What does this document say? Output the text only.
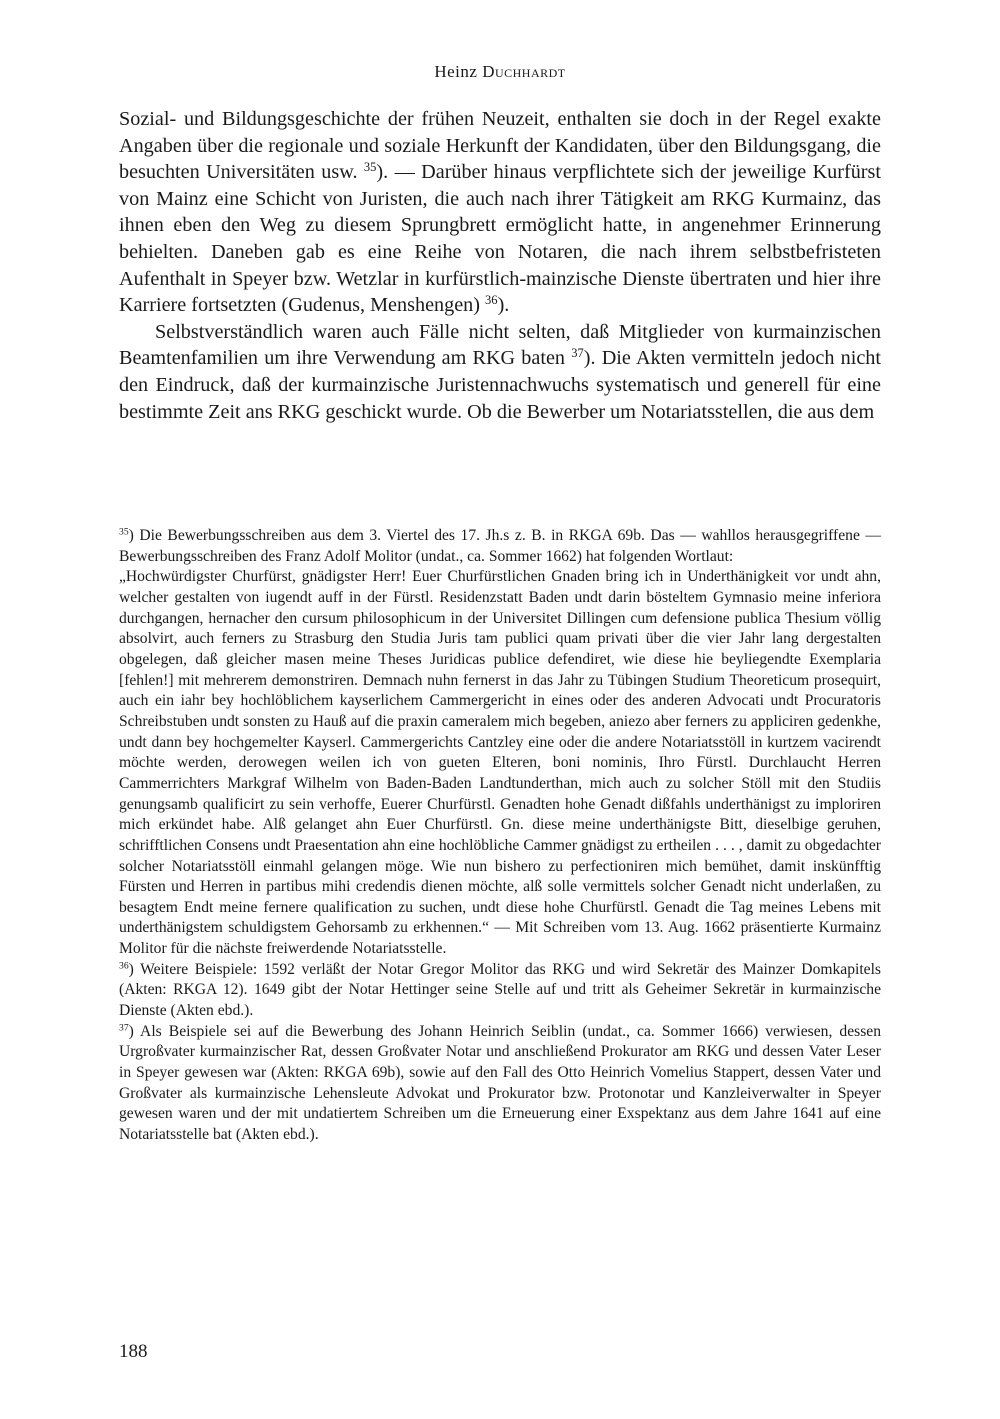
Heinz Duchhardt

Sozial- und Bildungsgeschichte der frühen Neuzeit, enthalten sie doch in der Regel exakte Angaben über die regionale und soziale Herkunft der Kandidaten, über den Bildungsgang, die besuchten Universitäten usw. $^{35}$). — Darüber hinaus verpflichtete sich der jeweilige Kurfürst von Mainz eine Schicht von Juristen, die auch nach ihrer Tätigkeit am RKG Kurmainz, das ihnen eben den Weg zu diesem Sprungbrett ermöglicht hatte, in angenehmer Erinnerung behielten. Daneben gab es eine Reihe von Notaren, die nach ihrem selbstbefristeten Aufenthalt in Speyer bzw. Wetzlar in kurfürstlich-mainzische Dienste übertraten und hier ihre Karriere fortsetzten (Gudenus, Menshengen) $^{36}$).

Selbstverständlich waren auch Fälle nicht selten, daß Mitglieder von kurmainzischen Beamtenfamilien um ihre Verwendung am RKG baten $^{37}$). Die Akten vermitteln jedoch nicht den Eindruck, daß der kurmainzische Juristennachwuchs systematisch und generell für eine bestimmte Zeit ans RKG geschickt wurde. Ob die Bewerber um Notariatsstellen, die aus dem

$^{35}$) Die Bewerbungsschreiben aus dem 3. Viertel des 17. Jh.s z. B. in RKGA 69b. Das — wahllos herausgegriffene — Bewerbungsschreiben des Franz Adolf Molitor (undat., ca. Sommer 1662) hat folgenden Wortlaut:

„Hochwürdigster Churfürst, gnädigster Herr! Euer Churfürstlichen Gnaden bring ich in Underthänigkeit vor undt ahn, welcher gestalten von iugendt auff in der Fürstl. Residenzstatt Baden undt darin bösteltem Gymnasio meine inferiora durchgangen, hernacher den cursum philosophicum in der Universitet Dillingen cum defensione publica Thesium völlig absolvirt, auch ferners zu Strasburg den Studia Juris tam publici quam privati über die vier Jahr lang dergestalten obgelegen, daß gleicher masen meine Theses Juridicas publice defendiret, wie diese hie beyliegendte Exemplaria [fehlen!] mit mehrerem demonstriren. Demnach nuhn fernerst in das Jahr zu Tübingen Studium Theoreticum prosequirt, auch ein iahr bey hochlöblichem kayserlichem Cammergericht in eines oder des anderen Advocati undt Procuratoris Schreibstuben undt sonsten zu Hauß auf die praxin cameralem mich begeben, aniezo aber ferners zu appliciren gedenkhe, undt dann bey hochgemelter Kayserl. Cammergerichts Cantzley eine oder die andere Notariatsstöll in kurtzem vacirendt möchte werden, derowegen weilen ich von gueten Elteren, boni nominis, Ihro Fürstl. Durchlaucht Herren Cammerrichters Markgraf Wilhelm von Baden-Baden Landtunderthan, mich auch zu solcher Stöll mit den Studiis genungsamb qualificirt zu sein verhoffe, Euerer Churfürstl. Genadten hohe Genadt dißfahls underthänigst zu imploriren mich erkündet habe. Alß gelanget ahn Euer Churfürstl. Gn. diese meine underthänigste Bitt, dieselbige geruhen, schrifftlichen Consens undt Praesentation ahn eine hochlöbliche Cammer gnädigst zu ertheilen . . . , damit zu obgedachter solcher Notariatsstöll einmahl gelangen möge. Wie nun bishero zu perfectioniren mich bemühet, damit inskünfftig Fürsten und Herren in partibus mihi credendis dienen möchte, alß solle vermittels solcher Genadt nicht underlaßen, zu besagtem Endt meine fernere qualification zu suchen, undt diese hohe Churfürstl. Genadt die Tag meines Lebens mit underthänigstem schuldigstem Gehorsamb zu erkhennen.“ — Mit Schreiben vom 13. Aug. 1662 präsentierte Kurmainz Molitor für die nächste freiwerdende Notariatsstelle.

$^{36}$) Weitere Beispiele: 1592 verläßt der Notar Gregor Molitor das RKG und wird Sekretär des Mainzer Domkapitels (Akten: RKGA 12). 1649 gibt der Notar Hettinger seine Stelle auf und tritt als Geheimer Sekretär in kurmainzische Dienste (Akten ebd.).

$^{37}$) Als Beispiele sei auf die Bewerbung des Johann Heinrich Seiblin (undat., ca. Sommer 1666) verwiesen, dessen Urgroßvater kurmainzischer Rat, dessen Großvater Notar und anschließend Prokurator am RKG und dessen Vater Leser in Speyer gewesen war (Akten: RKGA 69b), sowie auf den Fall des Otto Heinrich Vomelius Stappert, dessen Vater und Großvater als kurmainzische Lehensleute Advokat und Prokurator bzw. Protonotar und Kanzleiverwalter in Speyer gewesen waren und der mit undatiertem Schreiben um die Erneuerung einer Exspektanz aus dem Jahre 1641 auf eine Notariatsstelle bat (Akten ebd.).

188
